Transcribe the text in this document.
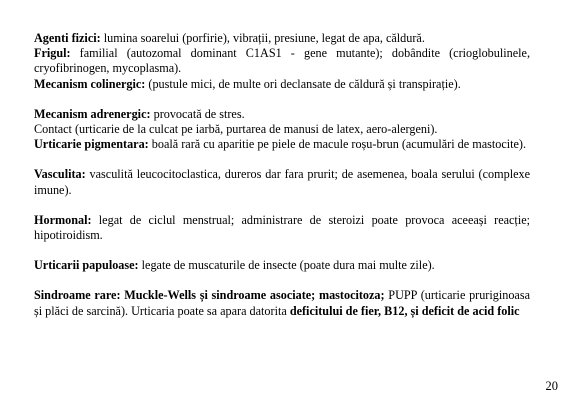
Agenti fizici: lumina soarelui (porfirie), vibrații, presiune, legat de apa, căldură.

Frigul: familial (autozomal dominant C1AS1 - gene mutante); dobândite (crioglobulinele, cryofibrinogen, mycoplasma).

Mecanism colinergic: (pustule mici, de multe ori declansate de căldură și transpirație).

Mecanism adrenergic: provocată de stres.

Contact (urticarie de la culcat pe iarbă, purtarea de manusi de latex, aero-alergeni).

Urticarie pigmentara: boală rară cu aparitie pe piele de macule roșu-brun (acumulări de mastocite).

Vasculita: vasculită leucocitoclastica, dureros dar fara prurit; de asemenea, boala serului (complexe imune).

Hormonal: legat de ciclul menstrual; administrare de steroizi poate provoca aceeași reacție; hipotiroidism.

Urticarii papuloase: legate de muscaturile de insecte (poate dura mai multe zile).

Sindroame rare: Muckle-Wells și sindroame asociate; mastocitoza; PUPP (urticarie pruriginoasa și plăci de sarcină). Urticaria poate sa apara datorita deficitului de fier, B12, și deficit de acid folic

20
